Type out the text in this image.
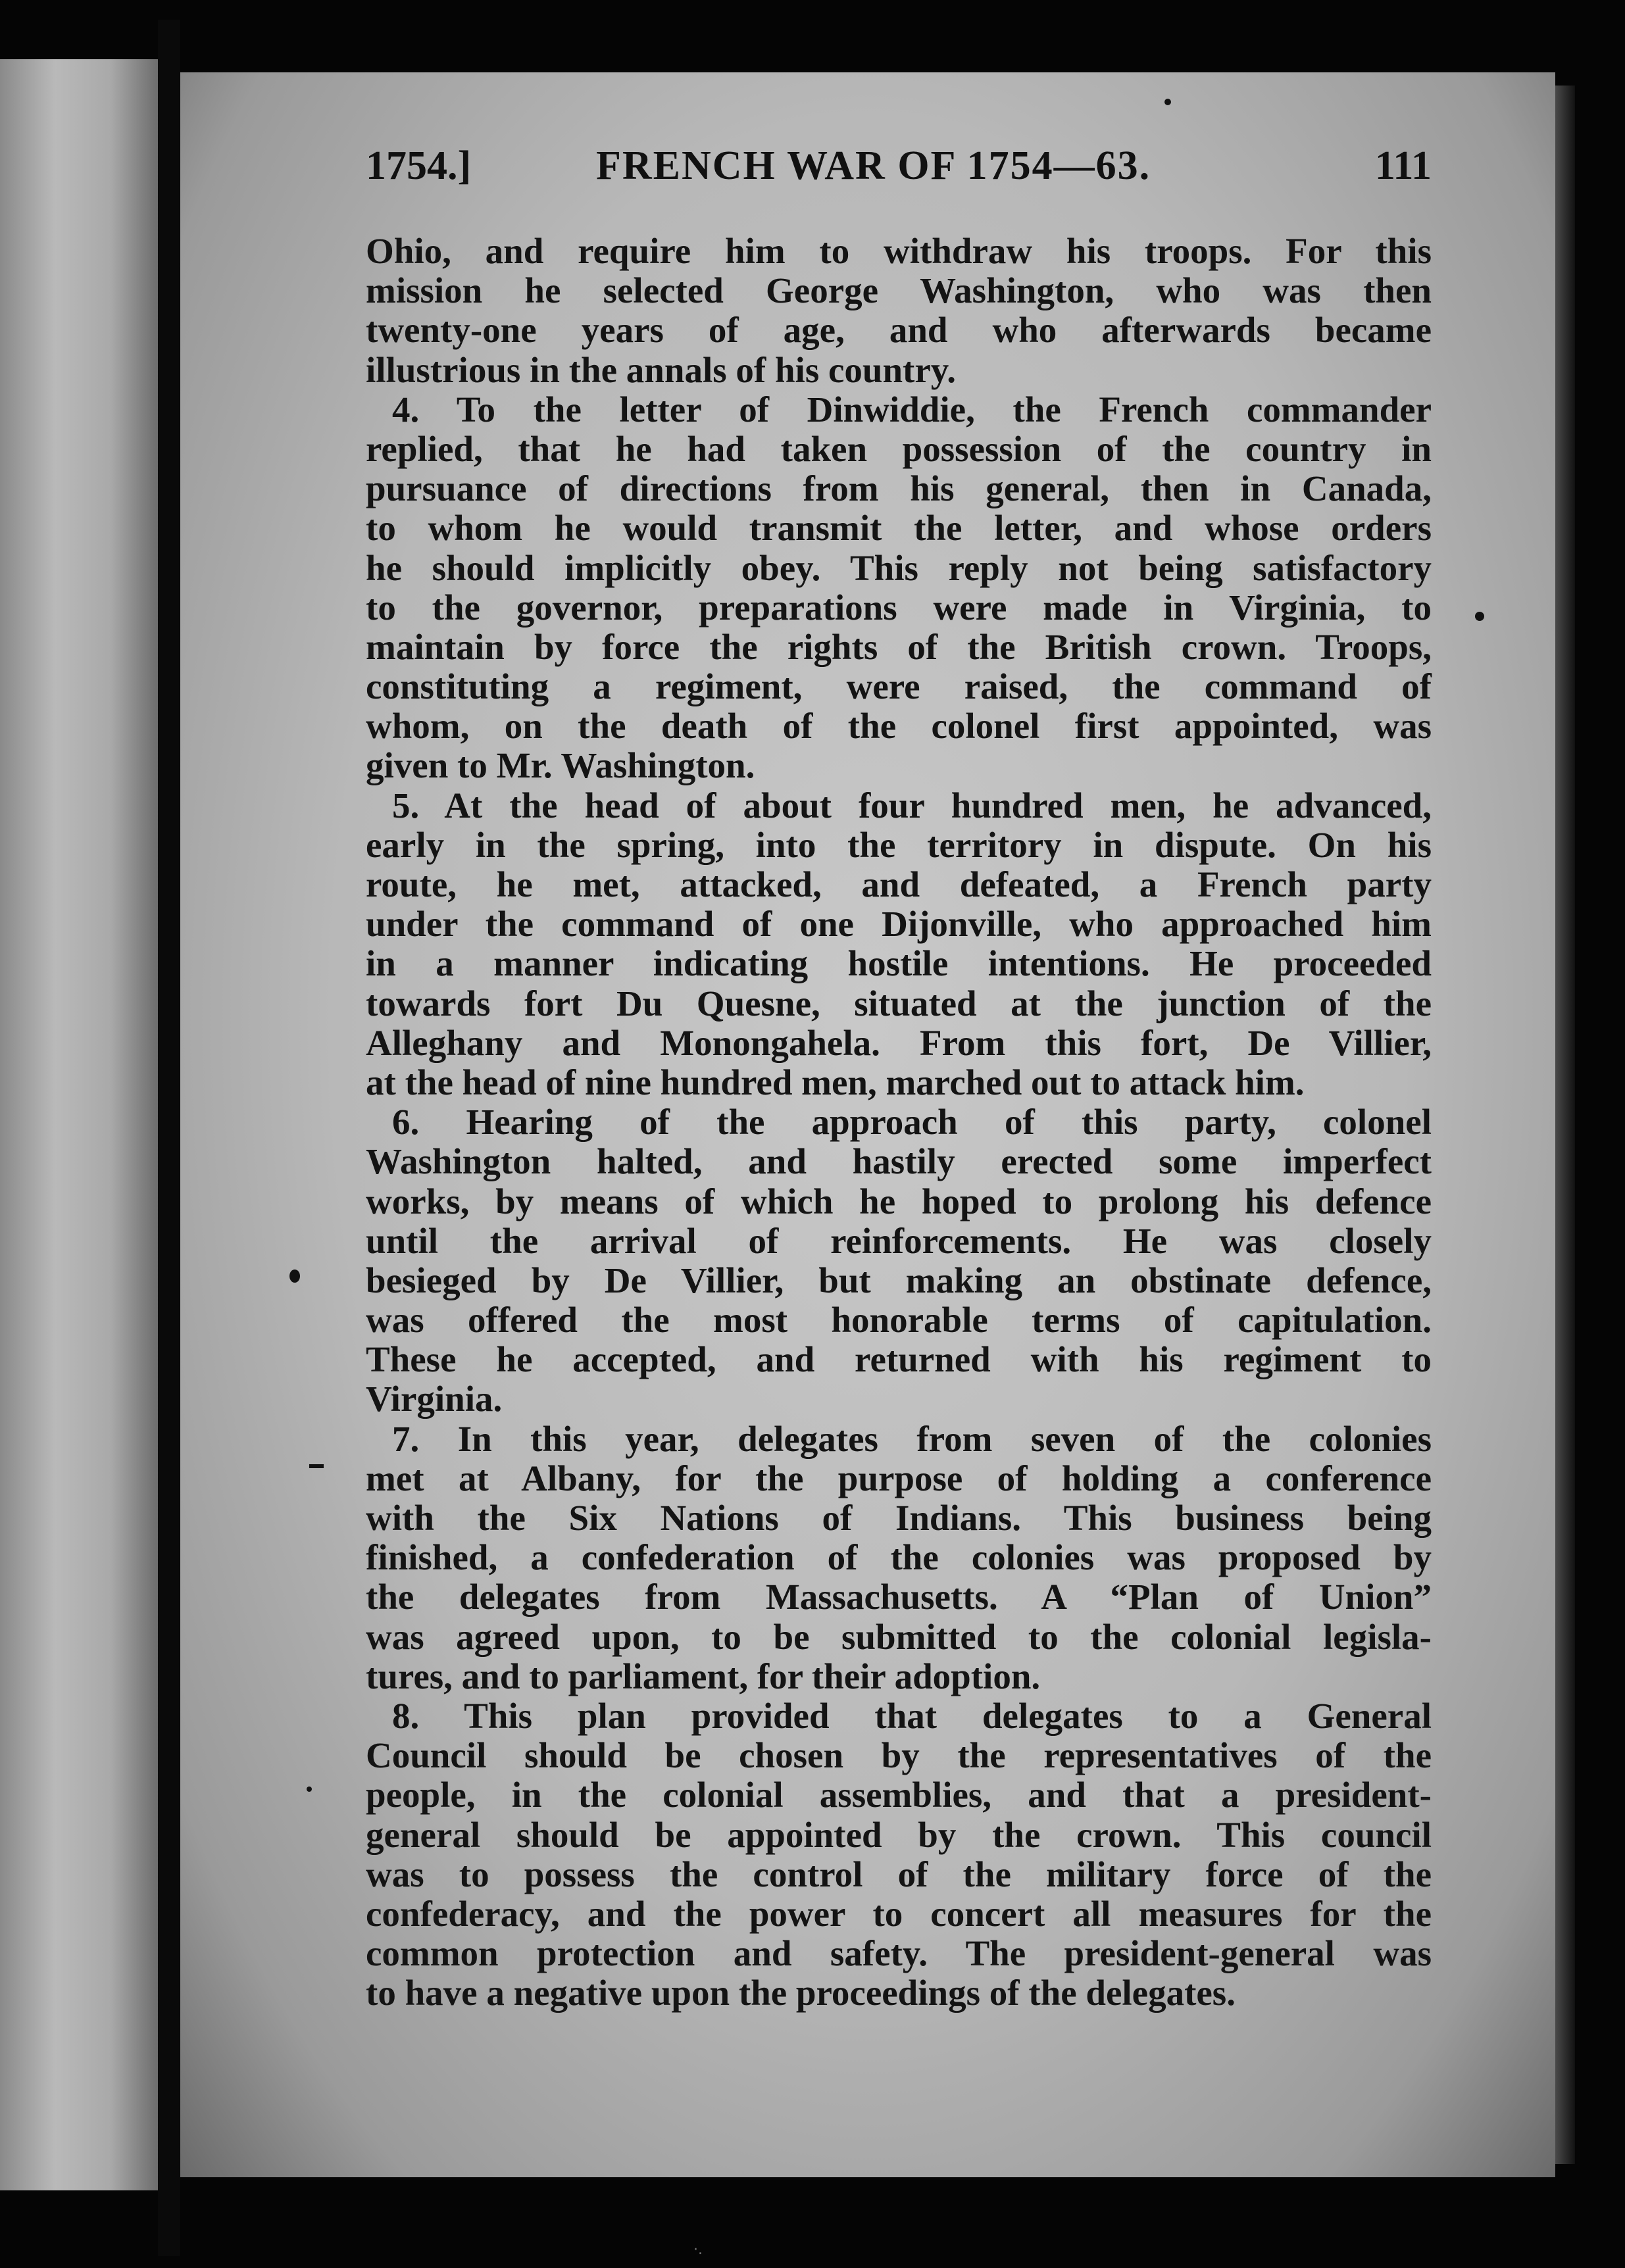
1754.]	FRENCH WAR OF 1754—63.	111
Ohio, and require him to withdraw his troops. For this
mission he selected George Washington, who was then
twenty-one years of age, and who afterwards became
illustrious in the annals of his country.
4. To the letter of Dinwiddie, the French commander
replied, that he had taken possession of the country in
pursuance of directions from his general, then in Canada,
to whom he would transmit the letter, and whose orders
he should implicitly obey. This reply not being satisfactory
to the governor, preparations were made in Virginia, to
maintain by force the rights of the British crown. Troops,
constituting a regiment, were raised, the command of
whom, on the death of the colonel first appointed, was
given to Mr. Washington.
5. At the head of about four hundred men, he advanced,
early in the spring, into the territory in dispute. On his
route, he met, attacked, and defeated, a French party
under the command of one Dijonville, who approached him
in a manner indicating hostile intentions. He proceeded
towards fort Du Quesne, situated at the junction of the
Alleghany and Monongahela. From this fort, De Villier,
at the head of nine hundred men, marched out to attack him.
6. Hearing of the approach of this party, colonel
Washington halted, and hastily erected some imperfect
works, by means of which he hoped to prolong his defence
until the arrival of reinforcements. He was closely
besieged by De Villier, but making an obstinate defence,
was offered the most honorable terms of capitulation.
These he accepted, and returned with his regiment to
Virginia.
7. In this year, delegates from seven of the colonies
met at Albany, for the purpose of holding a conference
with the Six Nations of Indians. This business being
finished, a confederation of the colonies was proposed by
the delegates from Massachusetts. A “Plan of Union”
was agreed upon, to be submitted to the colonial legisla-
tures, and to parliament, for their adoption.
8. This plan provided that delegates to a General
Council should be chosen by the representatives of the
people, in the colonial assemblies, and that a president-
general should be appointed by the crown. This council
was to possess the control of the military force of the
confederacy, and the power to concert all measures for the
common protection and safety. The president-general was
to have a negative upon the proceedings of the delegates.
·.
